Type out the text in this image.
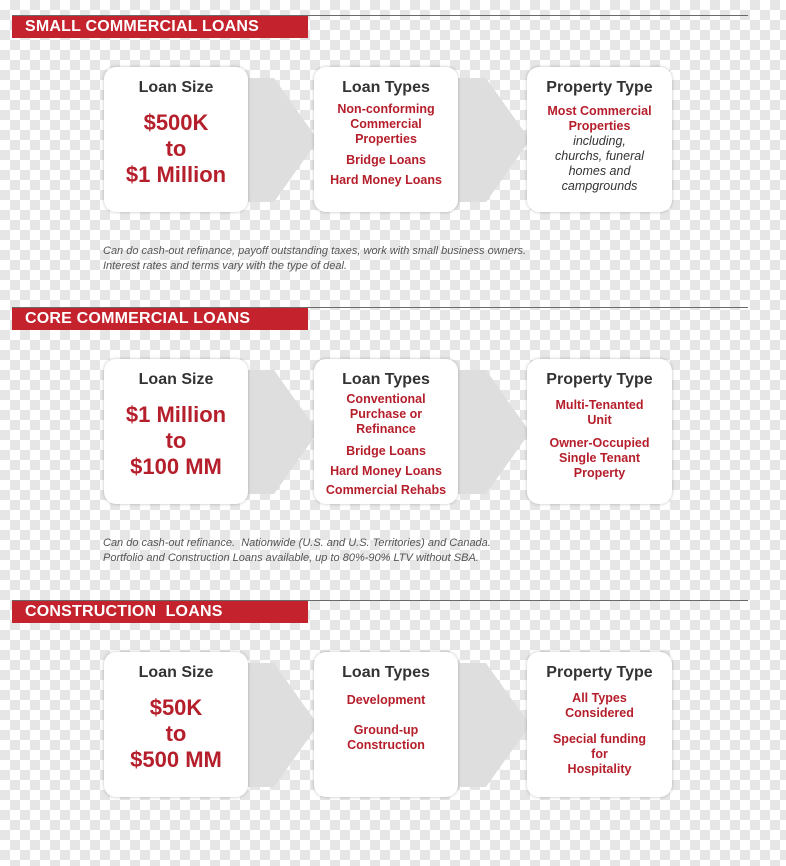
SMALL COMMERCIAL LOANS
Loan Size
$500K
to
$1 Million
Loan Types
Non-conforming
Commercial
Properties
Bridge Loans
Hard Money Loans
Property Type
Most Commercial
Properties
including,
churchs, funeral
homes and
campgrounds
Can do cash-out refinance, payoff outstanding taxes, work with small business owners.
Interest rates and terms vary with the type of deal.
CORE COMMERCIAL LOANS
Loan Size
$1 Million
to
$100 MM
Loan Types
Conventional
Purchase or
Refinance
Bridge Loans
Hard Money Loans
Commercial Rehabs
Property Type
Multi-Tenanted
Unit
Owner-Occupied
Single Tenant
Property
Can do cash-out refinance.  Nationwide (U.S. and U.S. Territories) and Canada.
Portfolio and Construction Loans available, up to 80%-90% LTV without SBA.
CONSTRUCTION  LOANS
Loan Size
$50K
to
$500 MM
Loan Types
Development
Ground-up
Construction
Property Type
All Types
Considered
Special funding
for
Hospitality
